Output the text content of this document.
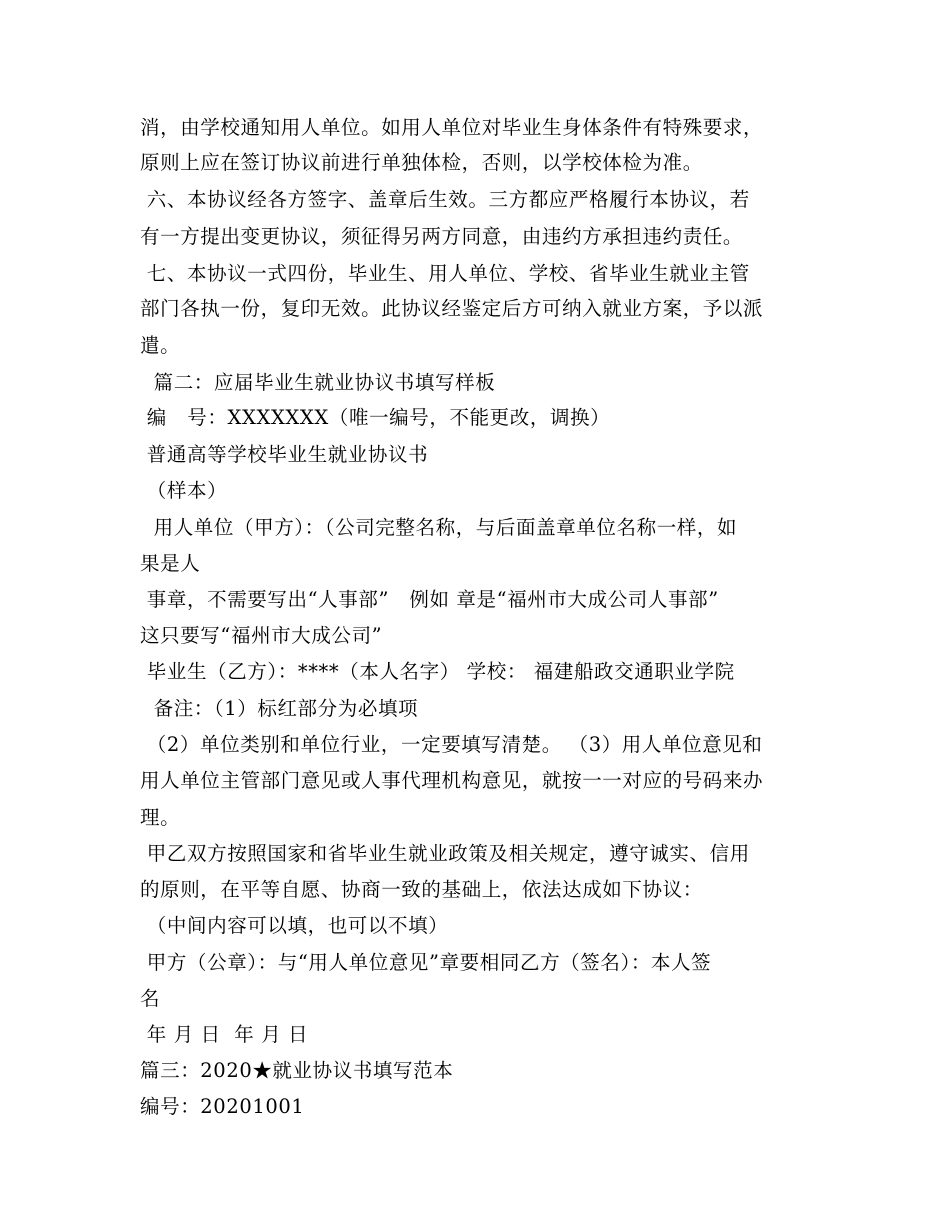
消，由学校通知用人单位。如用人单位对毕业生身体条件有特殊要求，
原则上应在签订协议前进行单独体检，否则，以学校体检为准。
六、本协议经各方签字、盖章后生效。三方都应严格履行本协议，若
有一方提出变更协议，须征得另两方同意，由违约方承担违约责任。
七、本协议一式四份，毕业生、用人单位、学校、省毕业生就业主管
部门各执一份，复印无效。此协议经鉴定后方可纳入就业方案，予以派
遣。
篇二：应届毕业生就业协议书填写样板
编   号：XXXXXXX（唯一编号，不能更改，调换）
普通高等学校毕业生就业协议书
（样本）
用人单位（甲方）：（公司完整名称，与后面盖章单位名称一样，如
果是人
事章，不需要写出“人事部”   例如 章是“福州市大成公司人事部”
这只要写“福州市大成公司”
毕业生（乙方）：****（本人名字） 学校： 福建船政交通职业学院
备注：（1）标红部分为必填项
（2）单位类别和单位行业，一定要填写清楚。 （3）用人单位意见和
用人单位主管部门意见或人事代理机构意见，就按一一对应的号码来办
理。
甲乙双方按照国家和省毕业生就业政策及相关规定，遵守诚实、信用
的原则，在平等自愿、协商一致的基础上，依法达成如下协议：
（中间内容可以填，也可以不填）
甲方（公章）：与“用人单位意见”章要相同乙方（签名）：本人签
名
年 月 日  年 月 日
篇三：2020★就业协议书填写范本
编号：20201001
